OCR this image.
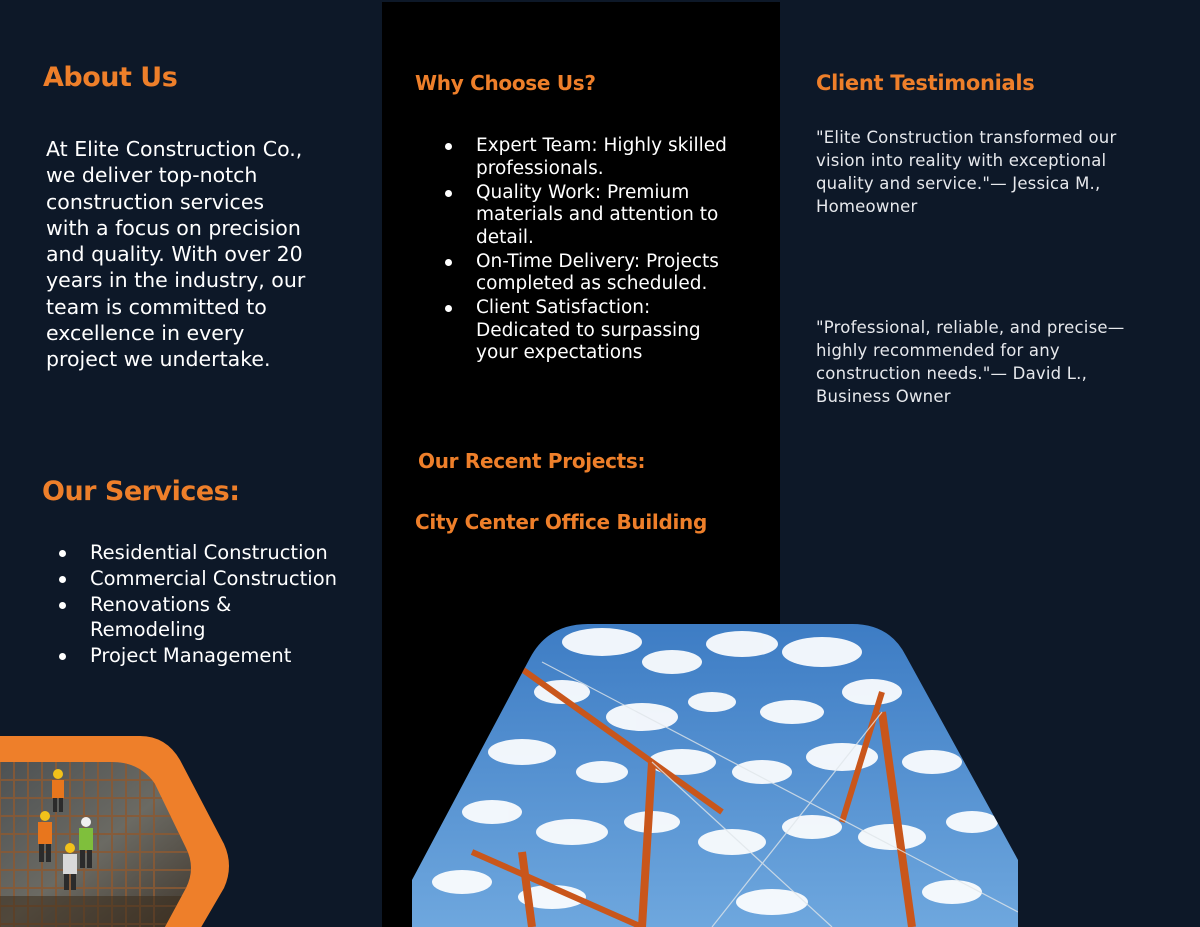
About Us

At Elite Construction Co., we deliver top-notch construction services with a focus on precision and quality. With over 20 years in the industry, our team is committed to excellence in every project we undertake.

Our Services:
Residential Construction
Commercial Construction
Renovations & Remodeling
Project Management
Why Choose Us?
Expert Team: Highly skilled professionals.
Quality Work: Premium materials and attention to detail.
On-Time Delivery: Projects completed as scheduled.
Client Satisfaction: Dedicated to surpassing your expectations
Our Recent Projects:
City Center Office Building
Client Testimonials

"Elite Construction transformed our vision into reality with exceptional quality and service."— Jessica M., Homeowner

"Professional, reliable, and precise—highly recommended for any construction needs."— David L., Business Owner
